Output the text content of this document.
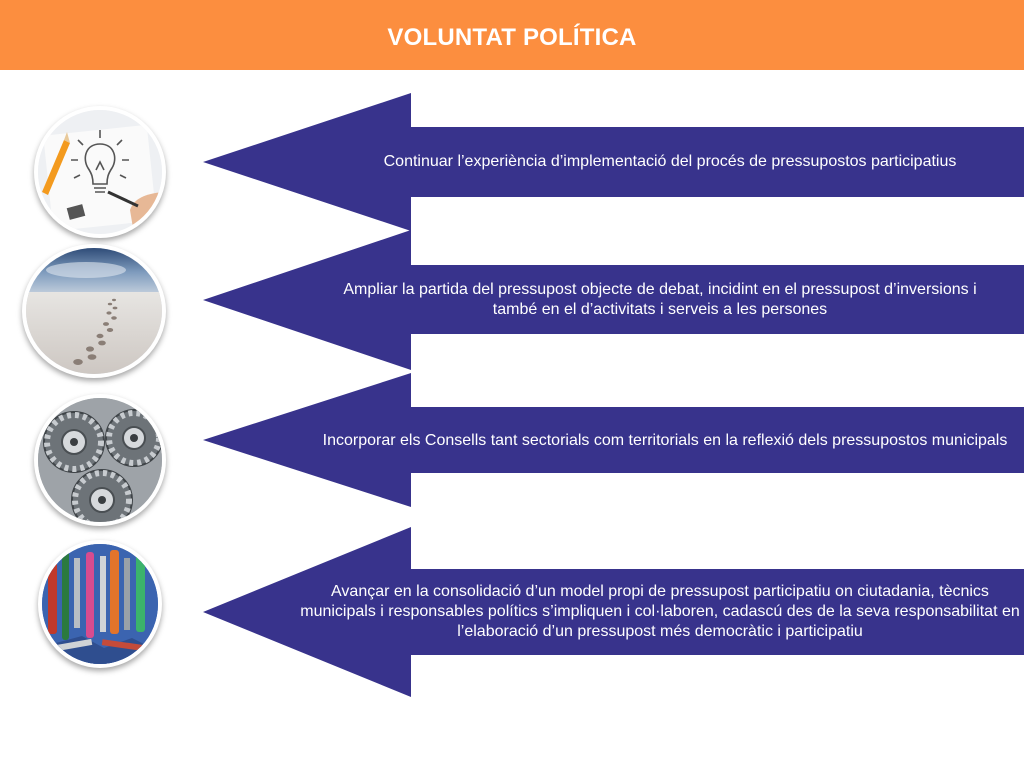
VOLUNTAT POLÍTICA
Continuar l’experiència d’implementació del procés de pressupostos participatius
Ampliar la partida del pressupost objecte de debat, incidint en el pressupost d’inversions i també en el d’activitats i serveis a les persones
Incorporar els Consells tant sectorials com territorials en la reflexió dels pressupostos municipals
Avançar en la consolidació d’un model propi de pressupost participatiu on ciutadania, tècnics municipals i responsables polítics s’impliquen i col·laboren, cadascú des de la seva responsabilitat en l’elaboració d’un pressupost més democràtic i participatiu
